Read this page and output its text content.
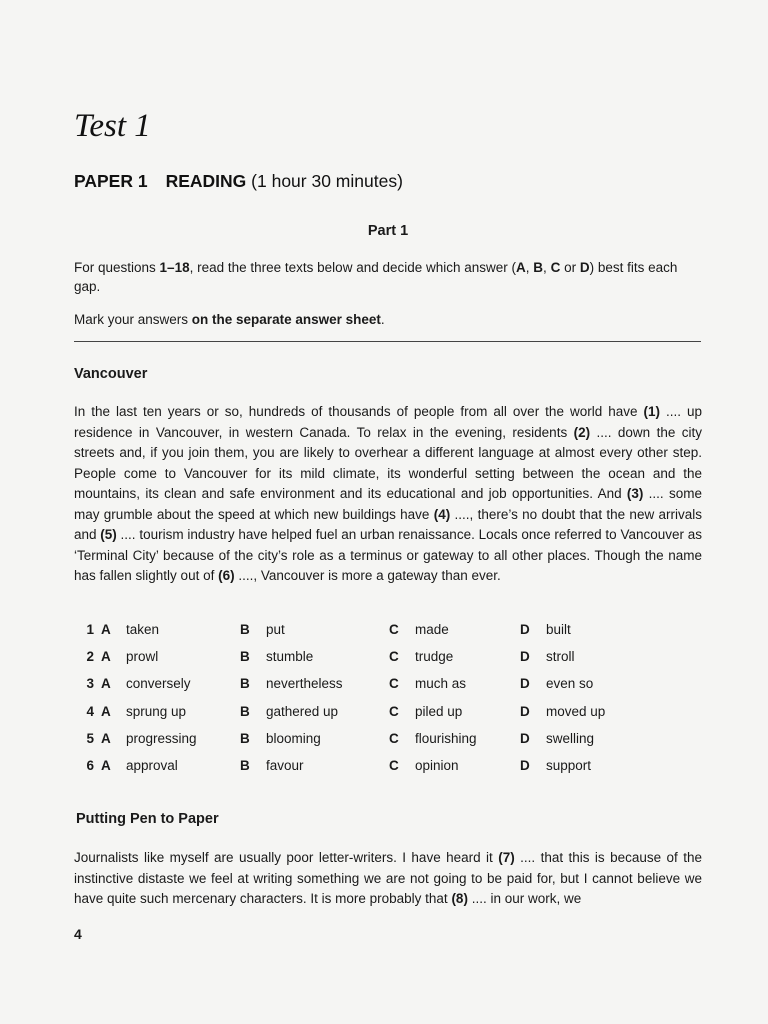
Test 1
PAPER 1 READING (1 hour 30 minutes)
Part 1
For questions 1–18, read the three texts below and decide which answer (A, B, C or D) best fits each gap.
Mark your answers on the separate answer sheet.
Vancouver
In the last ten years or so, hundreds of thousands of people from all over the world have (1) .... up residence in Vancouver, in western Canada. To relax in the evening, residents (2) .... down the city streets and, if you join them, you are likely to overhear a different language at almost every other step. People come to Vancouver for its mild climate, its wonderful setting between the ocean and the mountains, its clean and safe environment and its educational and job opportunities. And (3) .... some may grumble about the speed at which new buildings have (4) ...., there’s no doubt that the new arrivals and (5) .... tourism industry have helped fuel an urban renaissance. Locals once referred to Vancouver as ‘Terminal City’ because of the city’s role as a terminus or gateway to all other places. Though the name has fallen slightly out of (6) ...., Vancouver is more a gateway than ever.
1 A taken	B put	C made	D built
2 A prowl	B stumble	C trudge	D stroll
3 A conversely	B nevertheless	C much as	D even so
4 A sprung up	B gathered up	C piled up	D moved up
5 A progressing	B blooming	C flourishing	D swelling
6 A approval	B favour	C opinion	D support
Putting Pen to Paper
Journalists like myself are usually poor letter-writers. I have heard it (7) .... that this is because of the instinctive distaste we feel at writing something we are not going to be paid for, but I cannot believe we have quite such mercenary characters. It is more probably that (8) .... in our work, we
4
